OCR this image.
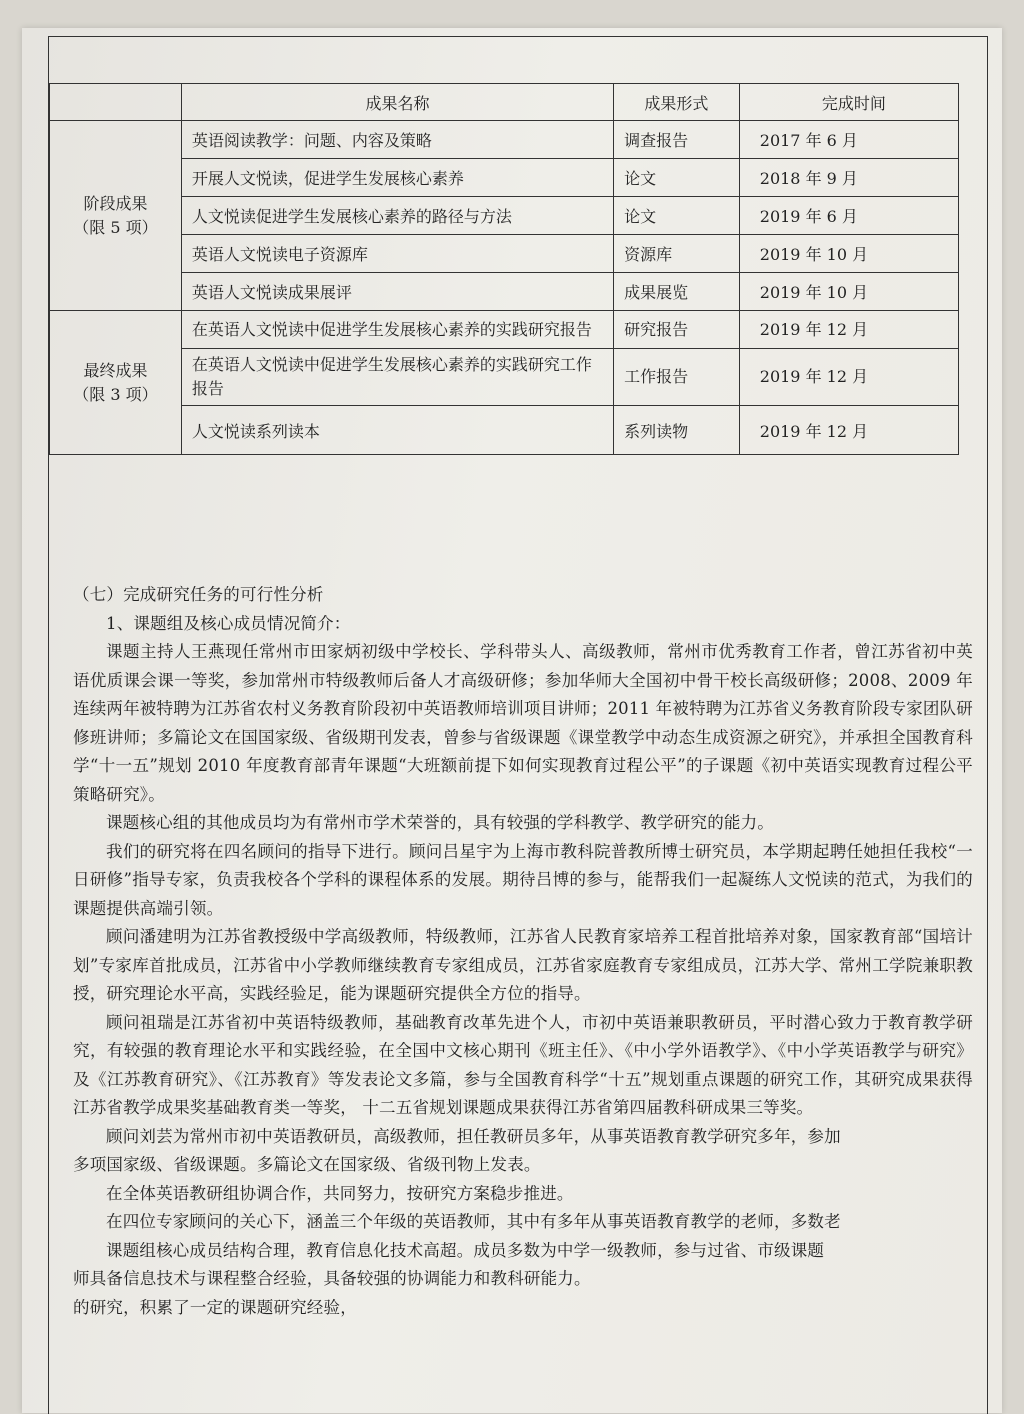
	成果名称	成果形式	完成时间

阶段成果
（限 5 项）	英语阅读教学：问题、内容及策略	调查报告	2017 年 6 月
	开展人文悦读，促进学生发展核心素养	论文	2018 年 9 月
	人文悦读促进学生发展核心素养的路径与方法	论文	2019 年 6 月
	英语人文悦读电子资源库	资源库	2019 年 10 月
	英语人文悦读成果展评	成果展览	2019 年 10 月

最终成果
（限 3 项）	在英语人文悦读中促进学生发展核心素养的实践研究报告	研究报告	2019 年 12 月
	在英语人文悦读中促进学生发展核心素养的实践研究工作报告	工作报告	2019 年 12 月
	人文悦读系列读本	系列读物	2019 年 12 月
（七）完成研究任务的可行性分析
1、课题组及核心成员情况简介：

课题主持人王燕现任常州市田家炳初级中学校长、学科带头人、高级教师，常州市优秀教育工作者，曾江苏省初中英语优质课会课一等奖，参加常州市特级教师后备人才高级研修；参加华师大全国初中骨干校长高级研修；2008、2009 年连续两年被特聘为江苏省农村义务教育阶段初中英语教师培训项目讲师；2011 年被特聘为江苏省义务教育阶段专家团队研修班讲师；多篇论文在国国家级、省级期刊发表，曾参与省级课题《课堂教学中动态生成资源之研究》，并承担全国教育科学“十一五”规划 2010 年度教育部青年课题“大班额前提下如何实现教育过程公平”的子课题《初中英语实现教育过程公平策略研究》。

课题核心组的其他成员均为有常州市学术荣誉的，具有较强的学科教学、教学研究的能力。

我们的研究将在四名顾问的指导下进行。顾问吕星宇为上海市教科院普教所博士研究员，本学期起聘任她担任我校“一日研修”指导专家，负责我校各个学科的课程体系的发展。期待吕博的参与，能帮我们一起凝练人文悦读的范式，为我们的课题提供高端引领。

顾问潘建明为江苏省教授级中学高级教师，特级教师，江苏省人民教育家培养工程首批培养对象，国家教育部“国培计划”专家库首批成员，江苏省中小学教师继续教育专家组成员，江苏省家庭教育专家组成员，江苏大学、常州工学院兼职教授，研究理论水平高，实践经验足，能为课题研究提供全方位的指导。

顾问祖瑞是江苏省初中英语特级教师，基础教育改革先进个人，市初中英语兼职教研员，平时潜心致力于教育教学研究，有较强的教育理论水平和实践经验，在全国中文核心期刊《班主任》、《中小学外语教学》、《中小学英语教学与研究》及《江苏教育研究》、《江苏教育》等发表论文多篇，参与全国教育科学“十五”规划重点课题的研究工作，其研究成果获得江苏省教学成果奖基础教育类一等奖， 十二五省规划课题成果获得江苏省第四届教科研成果三等奖。

顾问刘芸为常州市初中英语教研员，高级教师，担任教研员多年，从事英语教育教学研究多年，参加

多项国家级、省级课题。多篇论文在国家级、省级刊物上发表。

在全体英语教研组协调合作，共同努力，按研究方案稳步推进。

在四位专家顾问的关心下，涵盖三个年级的英语教师，其中有多年从事英语教育教学的老师，多数老

课题组核心成员结构合理，教育信息化技术高超。成员多数为中学一级教师，参与过省、市级课题

师具备信息技术与课程整合经验，具备较强的协调能力和教科研能力。

的研究，积累了一定的课题研究经验，
